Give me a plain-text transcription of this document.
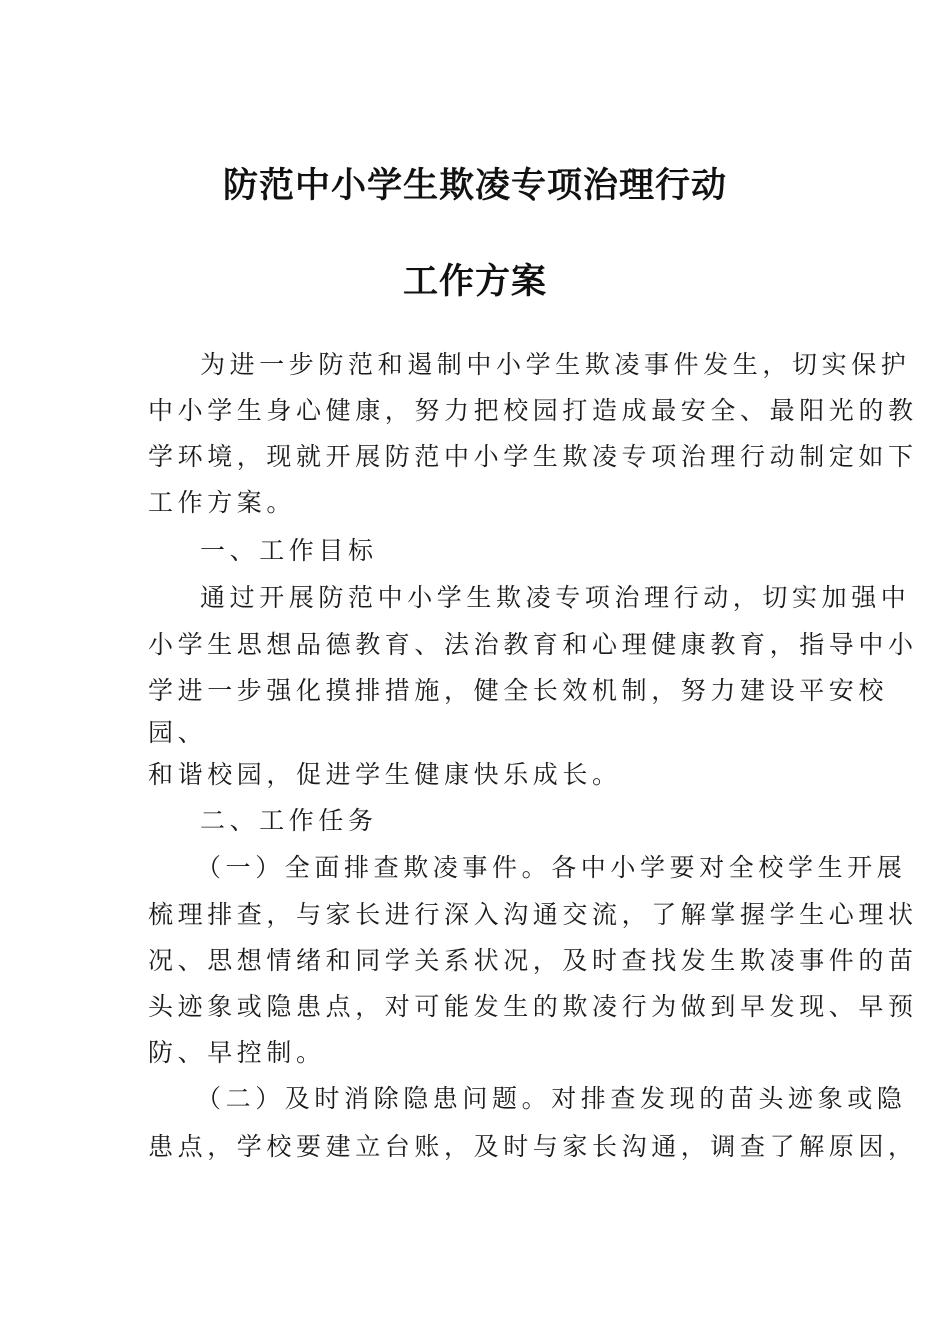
防范中小学生欺凌专项治理行动
工作方案
为进一步防范和遏制中小学生欺凌事件发生，切实保护
中小学生身心健康，努力把校园打造成最安全、最阳光的教
学环境，现就开展防范中小学生欺凌专项治理行动制定如下
工作方案。
一、工作目标
通过开展防范中小学生欺凌专项治理行动，切实加强中
小学生思想品德教育、法治教育和心理健康教育，指导中小
学进一步强化摸排措施，健全长效机制，努力建设平安校
园、
和谐校园，促进学生健康快乐成长。
二、工作任务
（一）全面排查欺凌事件。各中小学要对全校学生开展
梳理排查，与家长进行深入沟通交流，了解掌握学生心理状
况、思想情绪和同学关系状况，及时查找发生欺凌事件的苗
头迹象或隐患点，对可能发生的欺凌行为做到早发现、早预
防、早控制。
（二）及时消除隐患问题。对排查发现的苗头迹象或隐
患点，学校要建立台账，及时与家长沟通，调查了解原因，
